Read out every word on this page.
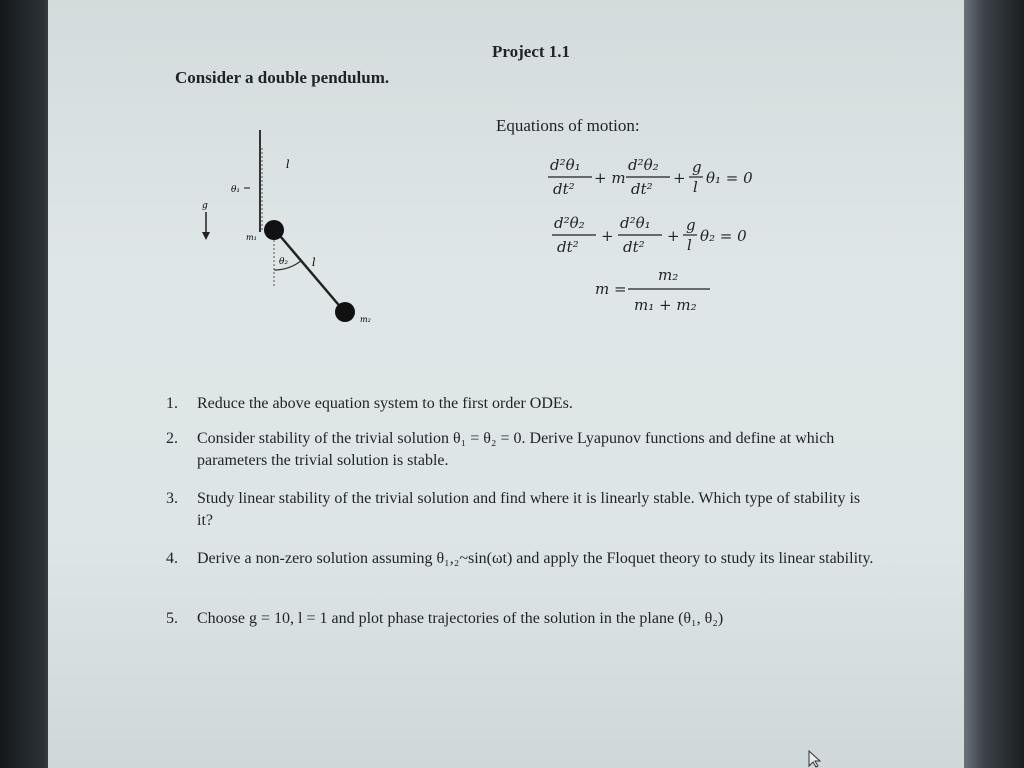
Project 1.1
Consider a double pendulum.
Equations of motion:
l
θ₁
g
m₁
θ₂ l
m₂
d²θ₁
dt²
+ m
d²θ₂
dt²
+
g
l θ₁ = 0
d²θ₂
dt²
+
d²θ₁
dt²
+
g
l θ₂ = 0
m =
m₂
m₁ + m₂
1. Reduce the above equation system to the first order ODEs.
2. Consider stability of the trivial solution θ₁ = θ₂ = 0. Derive Lyapunov functions and define at which parameters the trivial solution is stable.
3. Study linear stability of the trivial solution and find where it is linearly stable. Which type of stability is it?
4. Derive a non-zero solution assuming θ₁,₂~sin(ωt) and apply the Floquet theory to study its linear stability.
5. Choose g = 10, l = 1 and plot phase trajectories of the solution in the plane (θ₁, θ₂)
